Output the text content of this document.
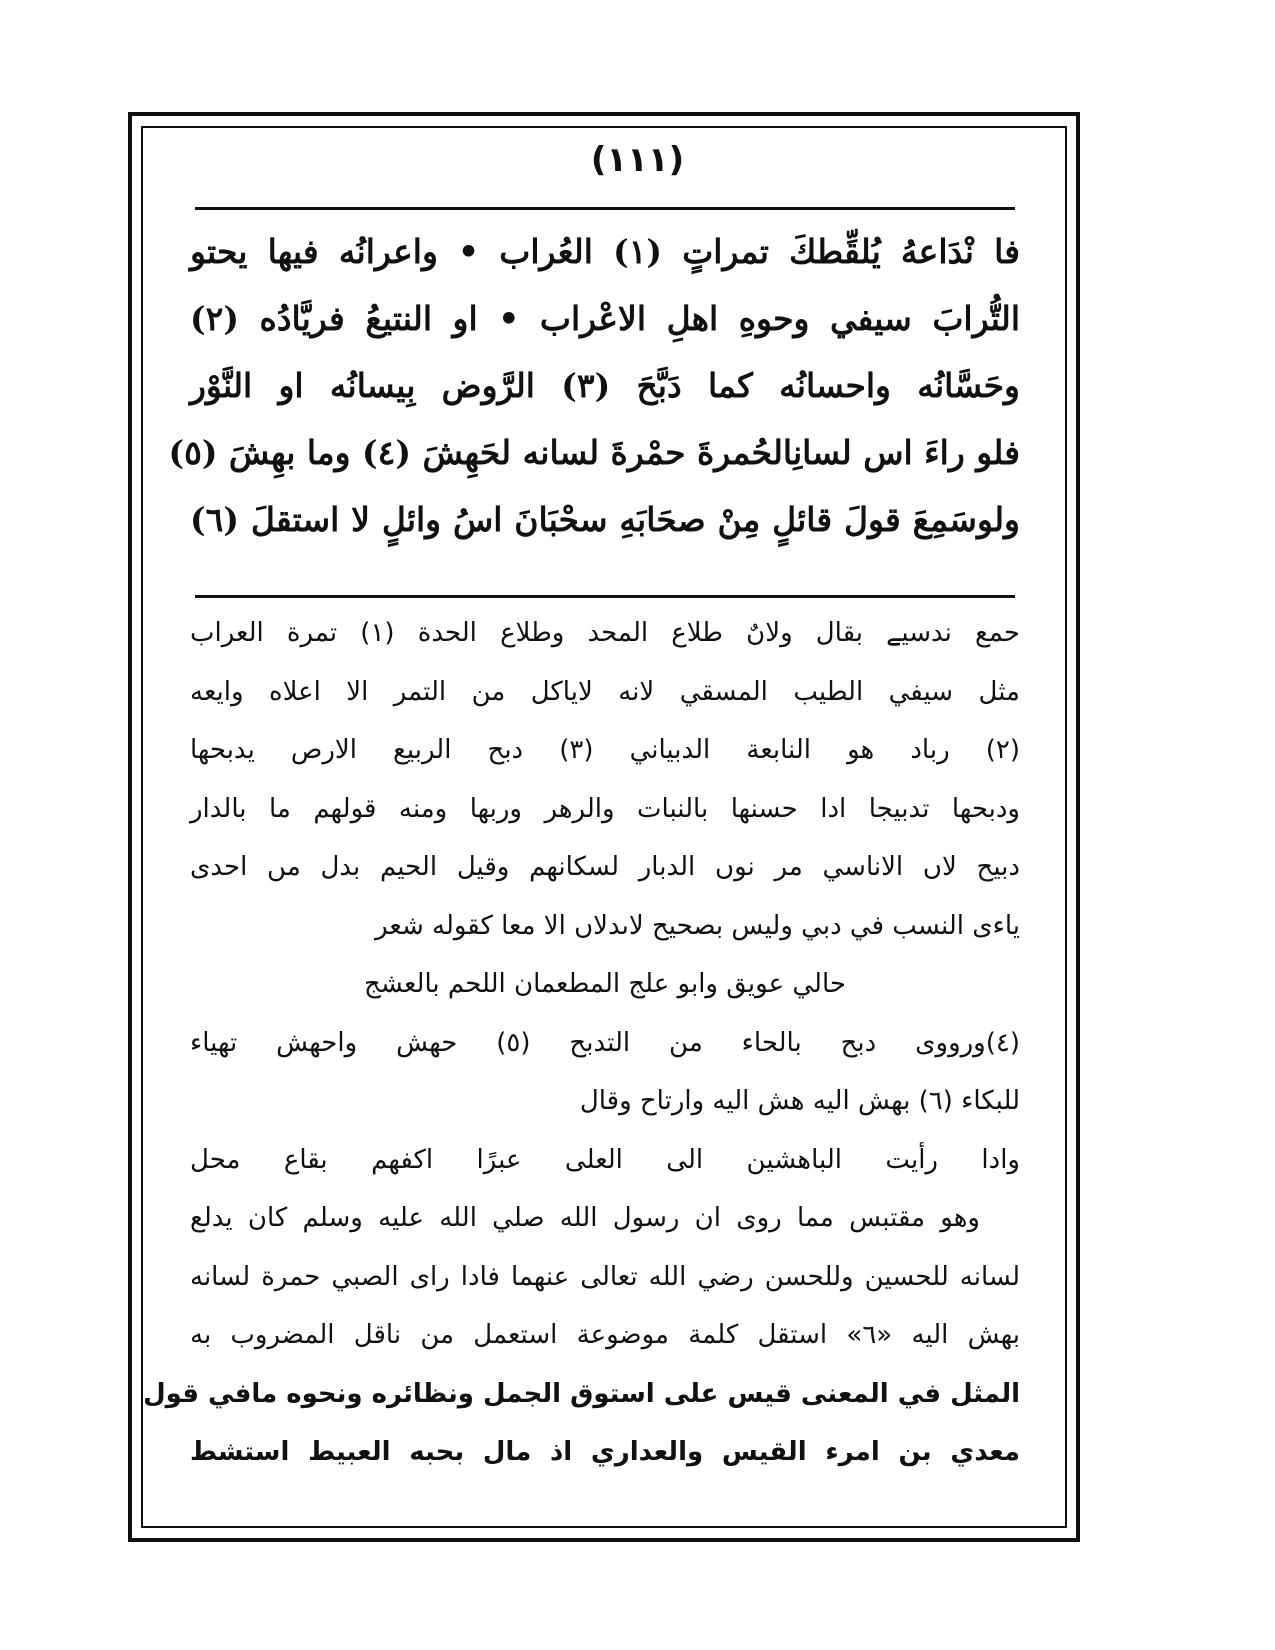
(١١١)
فا نْدَاعهُ يُلقِّطكَ تمراتٍ (١) العُراب • واعرانُه فيها يحتو
التُّرابَ سيفي وحوهِ اهلِ الاعْراب • او النتيعُ فريَّادُه (٢)
وحَسَّانُه واحسانُه كما دَبَّحَ (٣) الرَّوض بِيسانُه او النَّوْر
فلو راءَ اس لسانِالحُمرةَ حمْرةَ لسانه لحَهِشَ (٤) وما بهِشَ (٥)
ولوسَمِعَ قولَ قائلٍ مِنْ صحَابَهِ سحْبَانَ اسُ وائلٍ لا استقلَ (٦)
حمع ندسيے بقال ولاںٌ طلاع المحد وطلاع الحدة (١) تمرة العراب
مثل سيفي الطيب المسقي لانه لاياكل من التمر الا اعلاه وايعه
(٢) رباد هو النابعة الدبياني (٣) دبح الربيع الارص يدبحها
ودبحها تدبيجا ادا حسنها بالنبات والرهر وربها ومنه قولهم ما بالدار
دبيح لاں الاناسي مر نوں الدبار لسكانهم وقيل الحيم بدل مں احدى
ياءى النسب في دبي وليس بصحيح لاںدلاں الا معا كقوله شعر
حالي عويق وابو علج المطعمان اللحم بالعشج
(٤)ورووى دبح بالحاء من التدبح (٥) حهش واحهش تهياء
للبكاء (٦) بهش اليه هش اليه وارتاح وقال
وادا رأيت الباهشين الى العلى عبرًا اكفهم بقاع محل
وهو مقتبس مما روى ان رسول الله صلي الله عليه وسلم كان يدلع
لسانه للحسين وللحسن رضي الله تعالى عنهما فادا راى الصبي حمرة لسانه
بهش اليه «٦» استقل كلمة موضوعة استعمل من ناقل المضروب به
المثل في المعنى قيس على استوق الجمل ونظائره ونحوه مافي قول
معدي بن امرء القيس والعداري اذ مال بحبه العبيط استشط
